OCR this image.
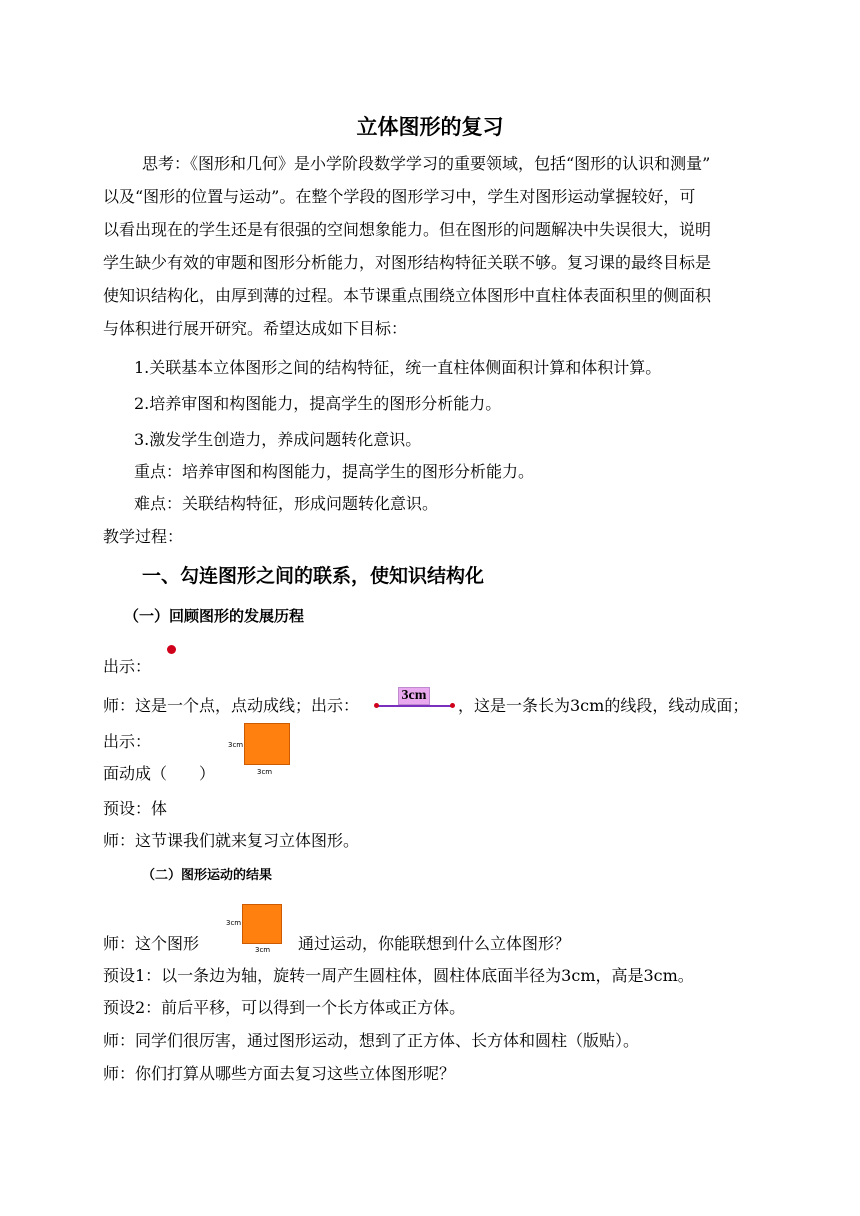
立体图形的复习
思考：《图形和几何》是小学阶段数学学习的重要领域，包括“图形的认识和测量”
以及“图形的位置与运动”。在整个学段的图形学习中，学生对图形运动掌握较好，可
以看出现在的学生还是有很强的空间想象能力。但在图形的问题解决中失误很大，说明
学生缺少有效的审题和图形分析能力，对图形结构特征关联不够。复习课的最终目标是
使知识结构化，由厚到薄的过程。本节课重点围绕立体图形中直柱体表面积里的侧面积
与体积进行展开研究。希望达成如下目标：
1.关联基本立体图形之间的结构特征，统一直柱体侧面积计算和体积计算。
2.培养审图和构图能力，提高学生的图形分析能力。
3.激发学生创造力，养成问题转化意识。
重点：培养审图和构图能力，提高学生的图形分析能力。
难点：关联结构特征，形成问题转化意识。
教学过程：
一、勾连图形之间的联系，使知识结构化
（一）回顾图形的发展历程
出示：
师：这是一个点，点动成线；出示：
3cm
，这是一条长为3cm的线段，线动成面；
出示：
面动成（　　）
3cm
3cm
预设：体
师：这节课我们就来复习立体图形。
（二）图形运动的结果
师：这个图形
3cm
3cm 通过运动，你能联想到什么立体图形？
预设1：以一条边为轴，旋转一周产生圆柱体，圆柱体底面半径为3cm，高是3cm。
预设2：前后平移，可以得到一个长方体或正方体。
师：同学们很厉害，通过图形运动，想到了正方体、长方体和圆柱（版贴）。
师：你们打算从哪些方面去复习这些立体图形呢？
